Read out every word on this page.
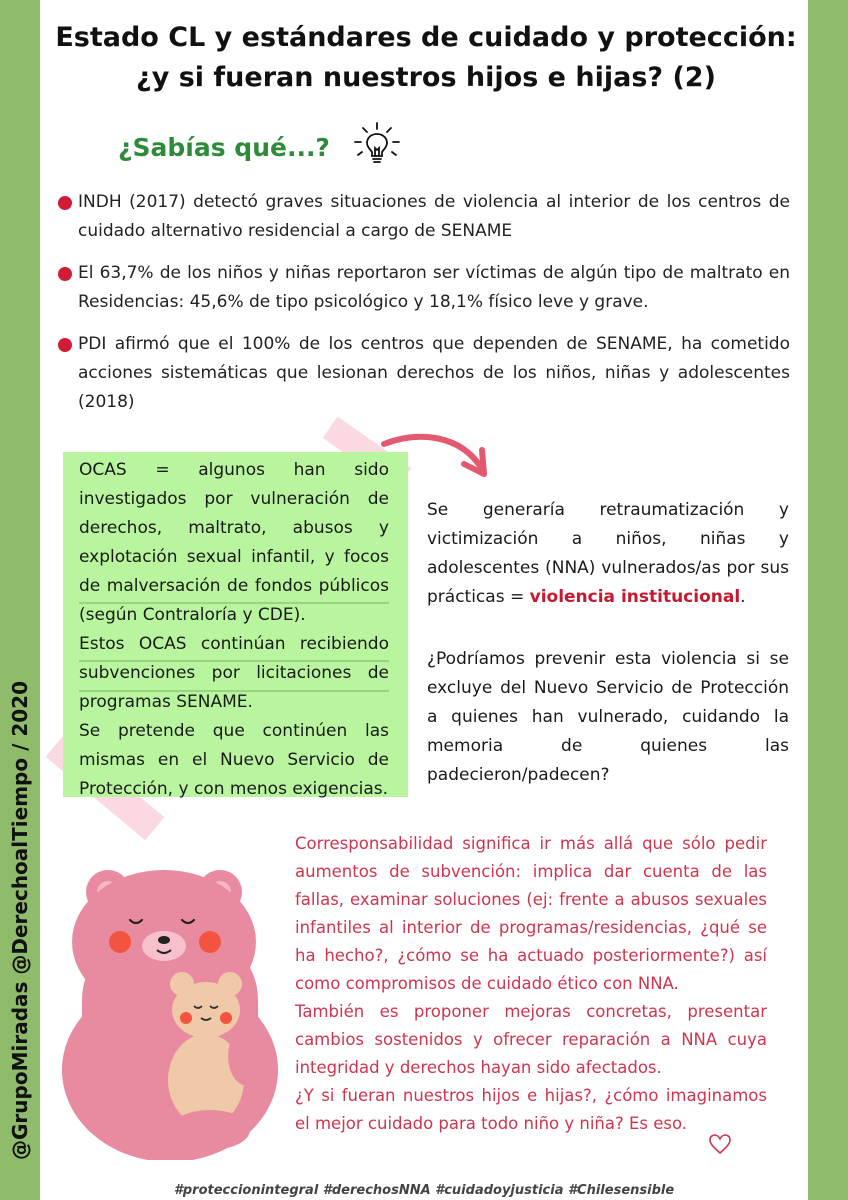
@GrupoMiradas @DerechoalTiempo / 2020
Estado CL y estándares de cuidado y protección: ¿y si fueran nuestros hijos e hijas? (2)
¿Sabías qué...?
INDH (2017) detectó graves situaciones de violencia al interior de los centros de cuidado alternativo residencial a cargo de SENAME
El 63,7% de los niños y niñas reportaron ser víctimas de algún tipo de maltrato en Residencias: 45,6% de tipo psicológico y 18,1% físico leve y grave.
PDI afirmó que el 100% de los centros que dependen de SENAME, ha cometido acciones sistemáticas que lesionan derechos de los niños, niñas y adolescentes (2018)
OCAS = algunos han sido investigados por vulneración de derechos, maltrato, abusos y explotación sexual infantil, y focos de malversación de fondos públicos (según Contraloría y CDE).
Estos OCAS continúan recibiendo subvenciones por licitaciones de programas SENAME.
Se pretende que continúen las mismas en el Nuevo Servicio de Protección, y con menos exigencias.
Se generaría retraumatización y victimización a niños, niñas y adolescentes (NNA) vulnerados/as por sus prácticas = violencia institucional.
¿Podríamos prevenir esta violencia si se excluye del Nuevo Servicio de Protección a quienes han vulnerado, cuidando la memoria de quienes las padecieron/padecen?
Corresponsabilidad significa ir más allá que sólo pedir aumentos de subvención: implica dar cuenta de las fallas, examinar soluciones (ej: frente a abusos sexuales infantiles al interior de programas/residencias, ¿qué se ha hecho?, ¿cómo se ha actuado posteriormente?) así como compromisos de cuidado ético con NNA.
También es proponer mejoras concretas, presentar cambios sostenidos y ofrecer reparación a NNA cuya integridad y derechos hayan sido afectados.
¿Y si fueran nuestros hijos e hijas?, ¿cómo imaginamos el mejor cuidado para todo niño y niña? Es eso.
#proteccionintegral #derechosNNA #cuidadoyjusticia #Chilesensible
